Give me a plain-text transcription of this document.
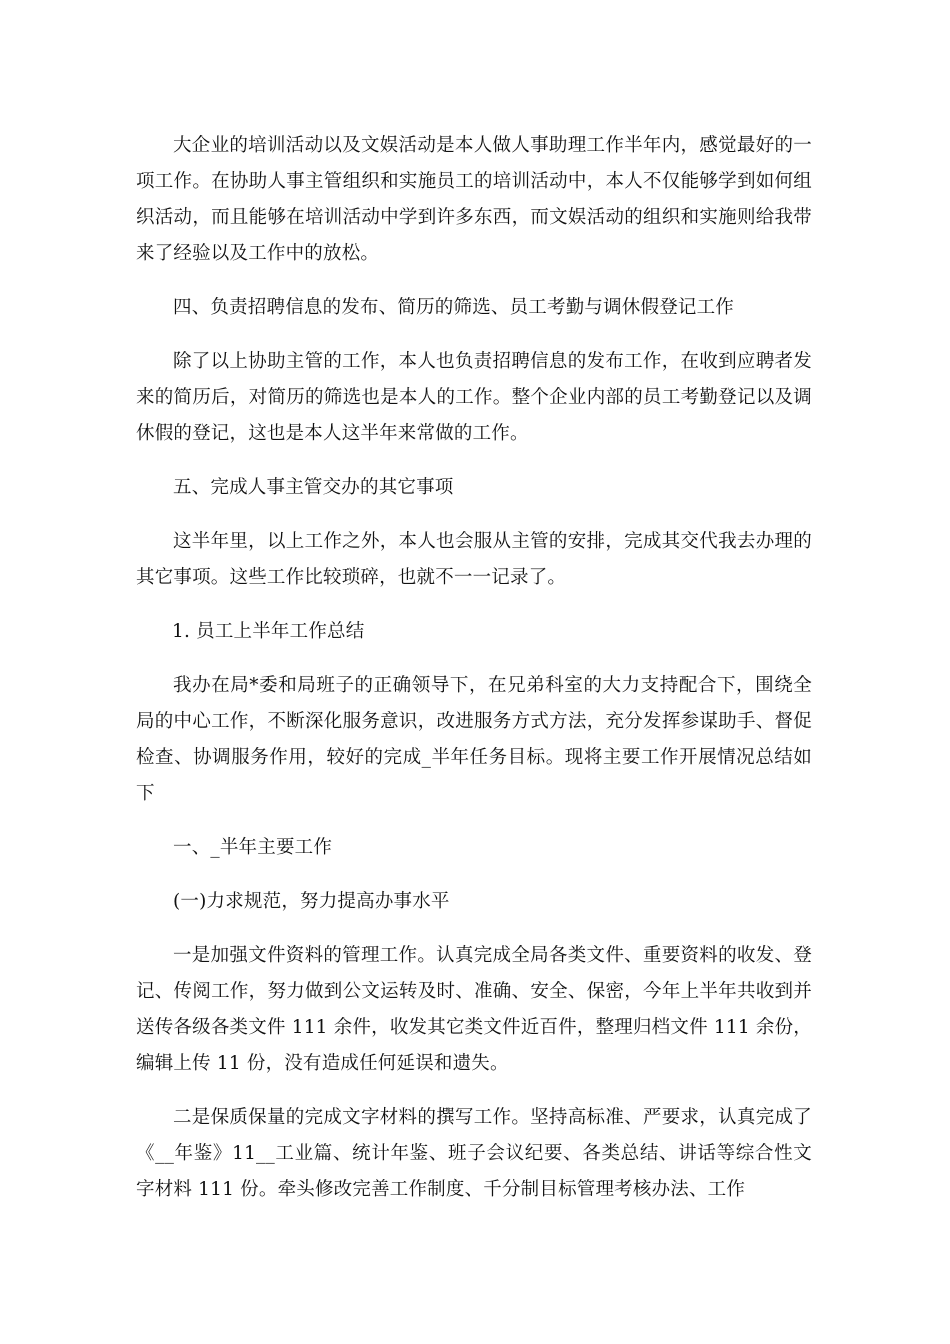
大企业的培训活动以及文娱活动是本人做人事助理工作半年内，感觉最好的一项工作。在协助人事主管组织和实施员工的培训活动中，本人不仅能够学到如何组织活动，而且能够在培训活动中学到许多东西，而文娱活动的组织和实施则给我带来了经验以及工作中的放松。

四、负责招聘信息的发布、简历的筛选、员工考勤与调休假登记工作

除了以上协助主管的工作，本人也负责招聘信息的发布工作，在收到应聘者发来的简历后，对简历的筛选也是本人的工作。整个企业内部的员工考勤登记以及调休假的登记，这也是本人这半年来常做的工作。

五、完成人事主管交办的其它事项

这半年里，以上工作之外，本人也会服从主管的安排，完成其交代我去办理的其它事项。这些工作比较琐碎，也就不一一记录了。

1. 员工上半年工作总结

我办在局*委和局班子的正确领导下，在兄弟科室的大力支持配合下，围绕全局的中心工作，不断深化服务意识，改进服务方式方法，充分发挥参谋助手、督促检查、协调服务作用，较好的完成_半年任务目标。现将主要工作开展情况总结如下

一、_半年主要工作

(一)力求规范，努力提高办事水平

一是加强文件资料的管理工作。认真完成全局各类文件、重要资料的收发、登记、传阅工作，努力做到公文运转及时、准确、安全、保密，今年上半年共收到并送传各级各类文件 111 余件，收发其它类文件近百件，整理归档文件 111 余份，编辑上传 11 份，没有造成任何延误和遗失。

二是保质保量的完成文字材料的撰写工作。坚持高标准、严要求，认真完成了《__年鉴》11__工业篇、统计年鉴、班子会议纪要、各类总结、讲话等综合性文字材料 111 份。牵头修改完善工作制度、千分制目标管理考核办法、工作
